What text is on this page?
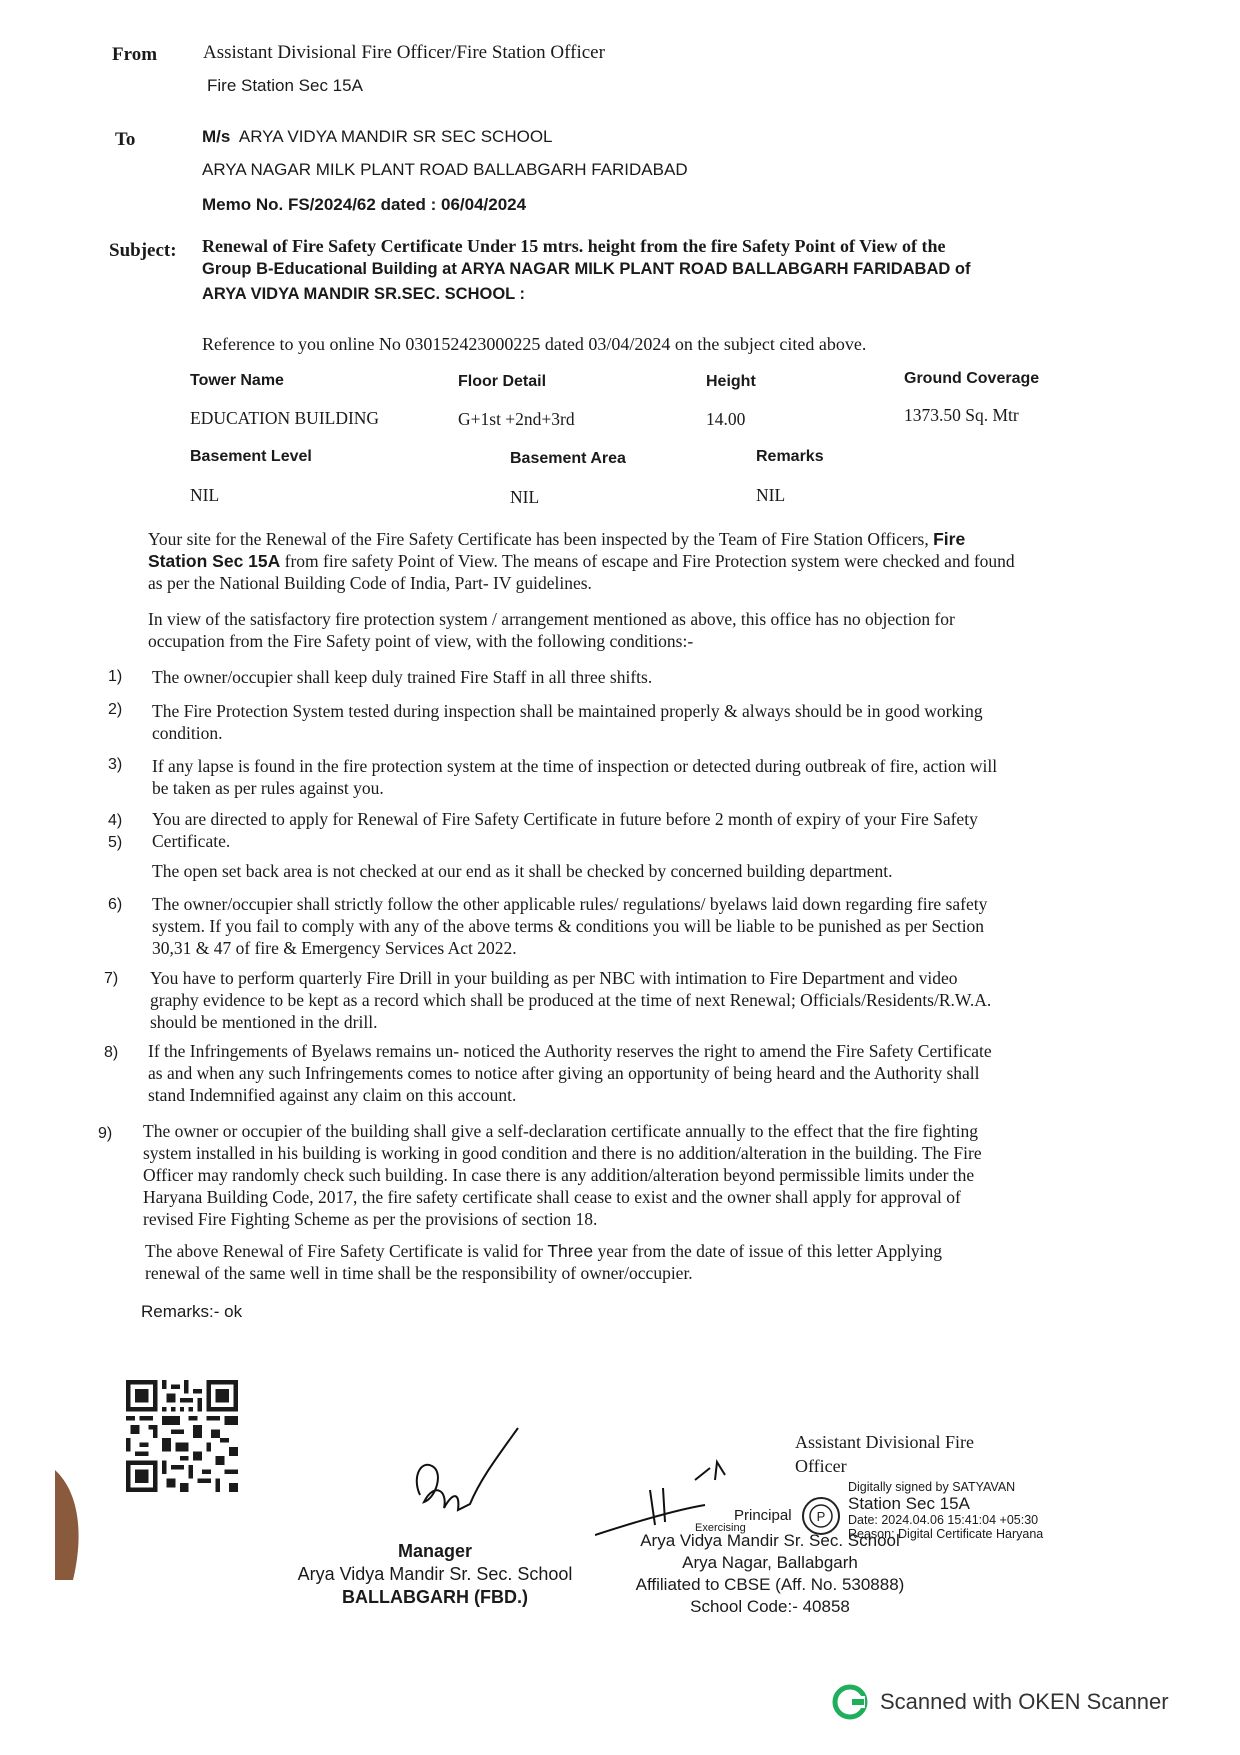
From Assistant Divisional Fire Officer/Fire Station Officer
Fire Station Sec 15A
To	M/s ARYA VIDYA MANDIR SR SEC SCHOOL
ARYA NAGAR MILK PLANT ROAD BALLABGARH FARIDABAD
Memo No. FS/2024/62 dated : 06/04/2024
Subject: Renewal of Fire Safety Certificate Under 15 mtrs. height from the fire Safety Point of View of the
Group B-Educational Building at ARYA NAGAR MILK PLANT ROAD BALLABGARH FARIDABAD of
ARYA VIDYA MANDIR SR.SEC. SCHOOL :
Reference to you online No 030152423000225 dated 03/04/2024 on the subject cited above.
Tower Name	Floor Detail	Height	Ground Coverage
EDUCATION BUILDING	G+1st +2nd+3rd	14.00	1373.50 Sq. Mtr
Basement Level	Basement Area	Remarks
NIL	NIL	NIL
Your site for the Renewal of the Fire Safety Certificate has been inspected by the Team of Fire Station Officers, Fire
Station Sec 15A from fire safety Point of View. The means of escape and Fire Protection system were checked and found
as per the National Building Code of India, Part- IV guidelines.
In view of the satisfactory fire protection system / arrangement mentioned as above, this office has no objection for
occupation from the Fire Safety point of view, with the following conditions:-
1) The owner/occupier shall keep duly trained Fire Staff in all three shifts.
2) The Fire Protection System tested during inspection shall be maintained properly & always should be in good working
condition.
3) If any lapse is found in the fire protection system at the time of inspection or detected during outbreak of fire, action will
be taken as per rules against you.
4) You are directed to apply for Renewal of Fire Safety Certificate in future before 2 month of expiry of your Fire Safety
Certificate.
5)
The open set back area is not checked at our end as it shall be checked by concerned building department.
6) The owner/occupier shall strictly follow the other applicable rules/ regulations/ byelaws laid down regarding fire safety
system. If you fail to comply with any of the above terms & conditions you will be liable to be punished as per Section
30,31 & 47 of fire & Emergency Services Act 2022.
7) You have to perform quarterly Fire Drill in your building as per NBC with intimation to Fire Department and video
graphy evidence to be kept as a record which shall be produced at the time of next Renewal; Officials/Residents/R.W.A.
should be mentioned in the drill.
8) If the Infringements of Byelaws remains un- noticed the Authority reserves the right to amend the Fire Safety Certificate
as and when any such Infringements comes to notice after giving an opportunity of being heard and the Authority shall
stand Indemnified against any claim on this account.
9) The owner or occupier of the building shall give a self-declaration certificate annually to the effect that the fire fighting
system installed in his building is working in good condition and there is no addition/alteration in the building. The Fire
Officer may randomly check such building. In case there is any addition/alteration beyond permissible limits under the
Haryana Building Code, 2017, the fire safety certificate shall cease to exist and the owner shall apply for approval of
revised Fire Fighting Scheme as per the provisions of section 18.
The above Renewal of Fire Safety Certificate is valid for Three year from the date of issue of this letter Applying
renewal of the same well in time shall be the responsibility of owner/occupier.
Remarks:- ok
P
Assistant Divisional Fire
Officer
Digitally signed by SATYAVAN
Station Sec 15A
Date: 2024.04.06 15:41:04 +05:30
Reason: Digital Certificate Haryana
Manager
Arya Vidya Mandir Sr. Sec. School
BALLABGARH (FBD.)
Principal
Exercising
Arya Vidya Mandir Sr. Sec. School
Arya Nagar, Ballabgarh
Affiliated to CBSE (Aff. No. 530888)
School Code:- 40858
Scanned with OKEN Scanner
